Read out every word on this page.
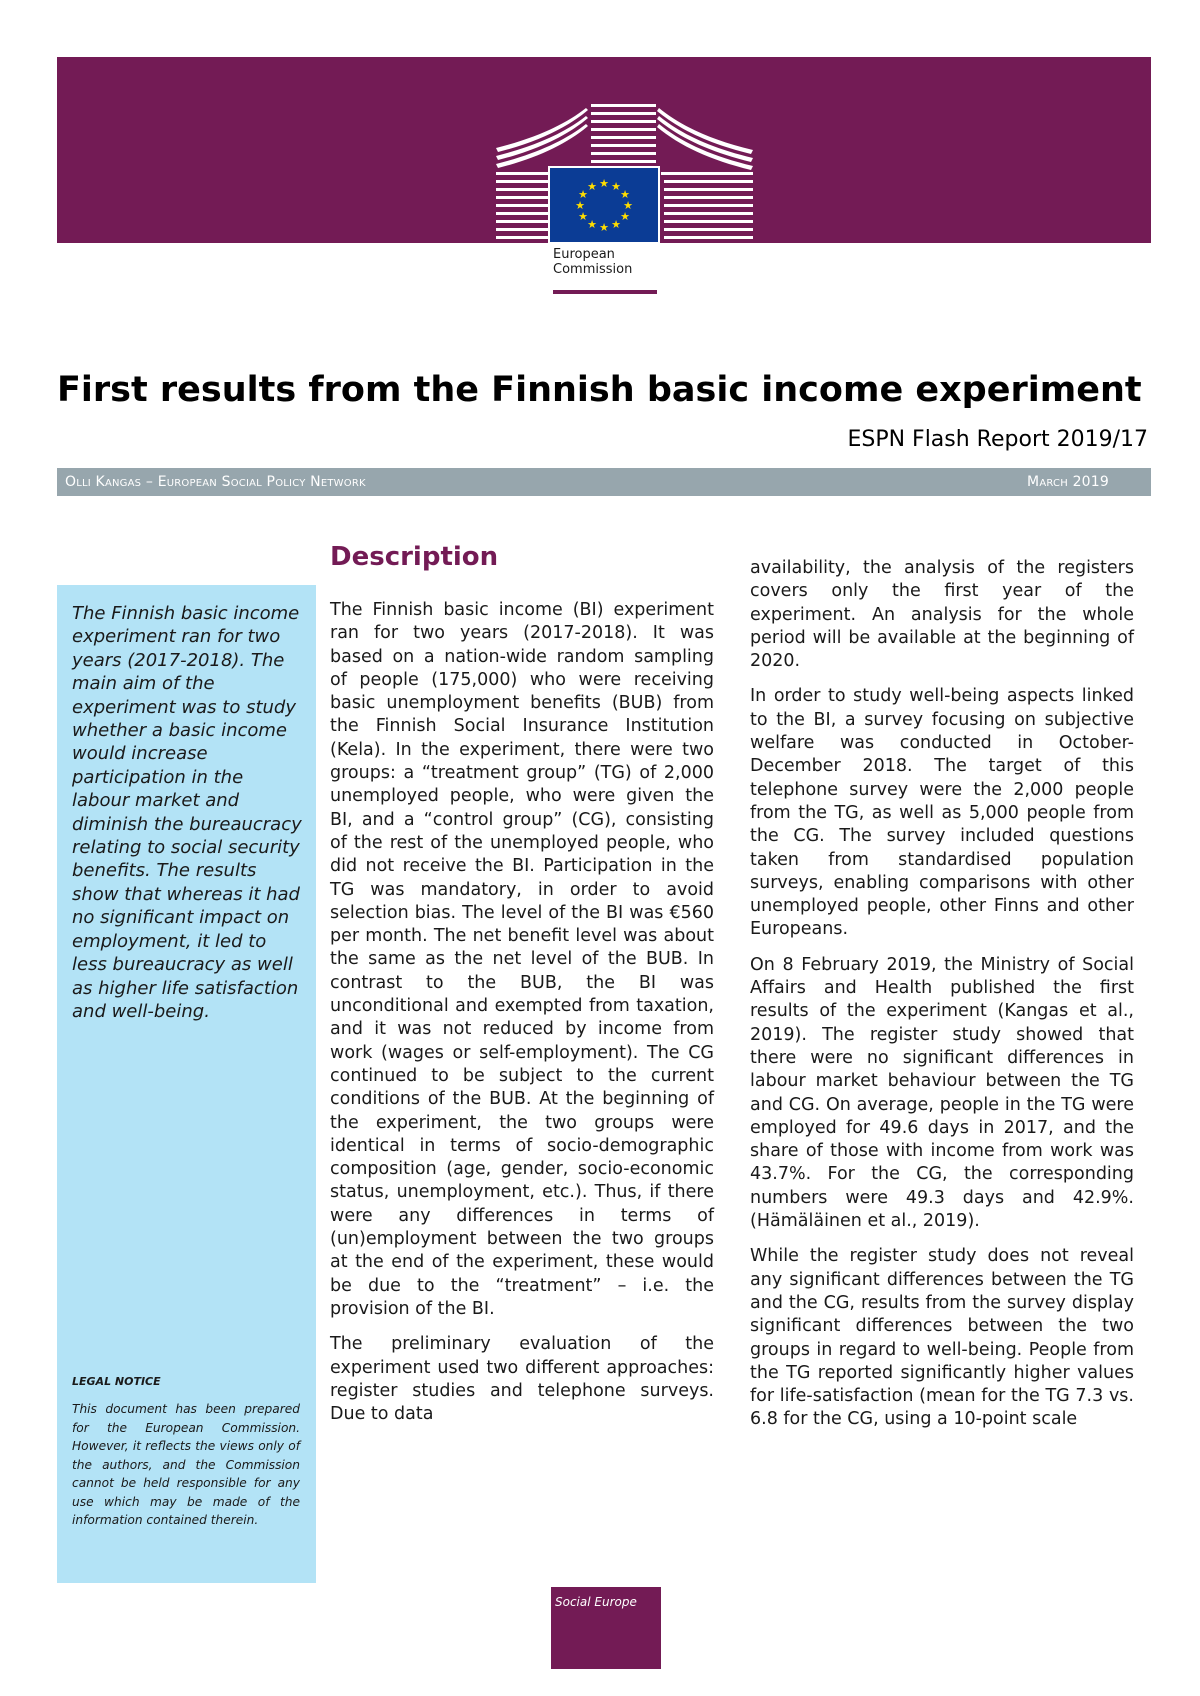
★ ★
★
★
★
★
★
★
★
★
★
★
European
Commission
First results from the Finnish basic income experiment
ESPN Flash Report 2019/17
Olli Kangas – European Social Policy Network	March 2019

The Finnish basic income experiment ran for two years (2017-2018). The main aim of the experiment was to study whether a basic income would increase participation in the labour market and diminish the bureaucracy relating to social security benefits. The results show that whereas it had no significant impact on employment, it led to less bureaucracy as well as higher life satisfaction and well-being.

LEGAL NOTICE

This document has been prepared for the European Commission. However, it reflects the views only of the authors, and the Commission cannot be held responsible for any use which may be made of the information contained therein.

Description

The Finnish basic income (BI) experiment ran for two years (2017-2018). It was based on a nation-wide random sampling of people (175,000) who were receiving basic unemployment benefits (BUB) from the Finnish Social Insurance Institution (Kela). In the experiment, there were two groups: a “treatment group” (TG) of 2,000 unemployed people, who were given the BI, and a “control group” (CG), consisting of the rest of the unemployed people, who did not receive the BI. Participation in the TG was mandatory, in order to avoid selection bias. The level of the BI was €560 per month. The net benefit level was about the same as the net level of the BUB. In contrast to the BUB, the BI was unconditional and exempted from taxation, and it was not reduced by income from work (wages or self-employment). The CG continued to be subject to the current conditions of the BUB. At the beginning of the experiment, the two groups were identical in terms of socio-demographic composition (age, gender, socio-economic status, unemployment, etc.). Thus, if there were any differences in terms of (un)employment between the two groups at the end of the experiment, these would be due to the “treatment” – i.e. the provision of the BI.

The preliminary evaluation of the experiment used two different approaches: register studies and telephone surveys. Due to data

availability, the analysis of the registers covers only the first year of the experiment. An analysis for the whole period will be available at the beginning of 2020.

In order to study well-being aspects linked to the BI, a survey focusing on subjective welfare was conducted in October-December 2018. The target of this telephone survey were the 2,000 people from the TG, as well as 5,000 people from the CG. The survey included questions taken from standardised population surveys, enabling comparisons with other unemployed people, other Finns and other Europeans.

On 8 February 2019, the Ministry of Social Affairs and Health published the first results of the experiment (Kangas et al., 2019). The register study showed that there were no significant differences in labour market behaviour between the TG and CG. On average, people in the TG were employed for 49.6 days in 2017, and the share of those with income from work was 43.7%. For the CG, the corresponding numbers were 49.3 days and 42.9%. (Hämäläinen et al., 2019).

While the register study does not reveal any significant differences between the TG and the CG, results from the survey display significant differences between the two groups in regard to well-being. People from the TG reported significantly higher values for life-satisfaction (mean for the TG 7.3 vs. 6.8 for the CG, using a 10-point scale

Social Europe
